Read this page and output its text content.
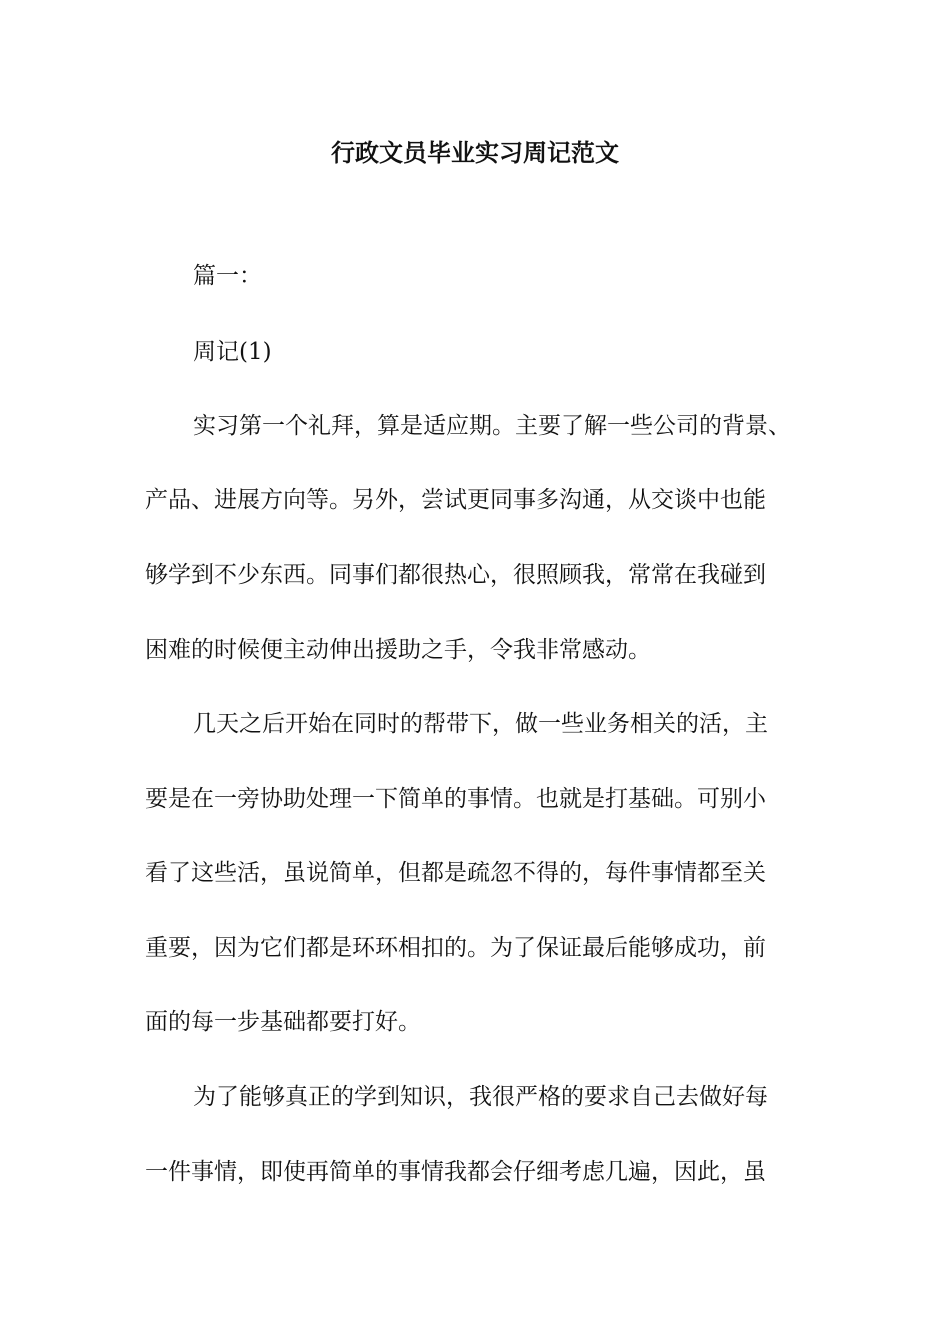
行政文员毕业实习周记范文
篇一：
周记(1)
实习第一个礼拜，算是适应期。主要了解一些公司的背景、
产品、进展方向等。另外，尝试更同事多沟通，从交谈中也能
够学到不少东西。同事们都很热心，很照顾我，常常在我碰到
困难的时候便主动伸出援助之手，令我非常感动。
几天之后开始在同时的帮带下，做一些业务相关的活，主
要是在一旁协助处理一下简单的事情。也就是打基础。可别小
看了这些活，虽说简单，但都是疏忽不得的，每件事情都至关
重要，因为它们都是环环相扣的。为了保证最后能够成功，前
面的每一步基础都要打好。
为了能够真正的学到知识，我很严格的要求自己去做好每
一件事情，即使再简单的事情我都会仔细考虑几遍，因此，虽
